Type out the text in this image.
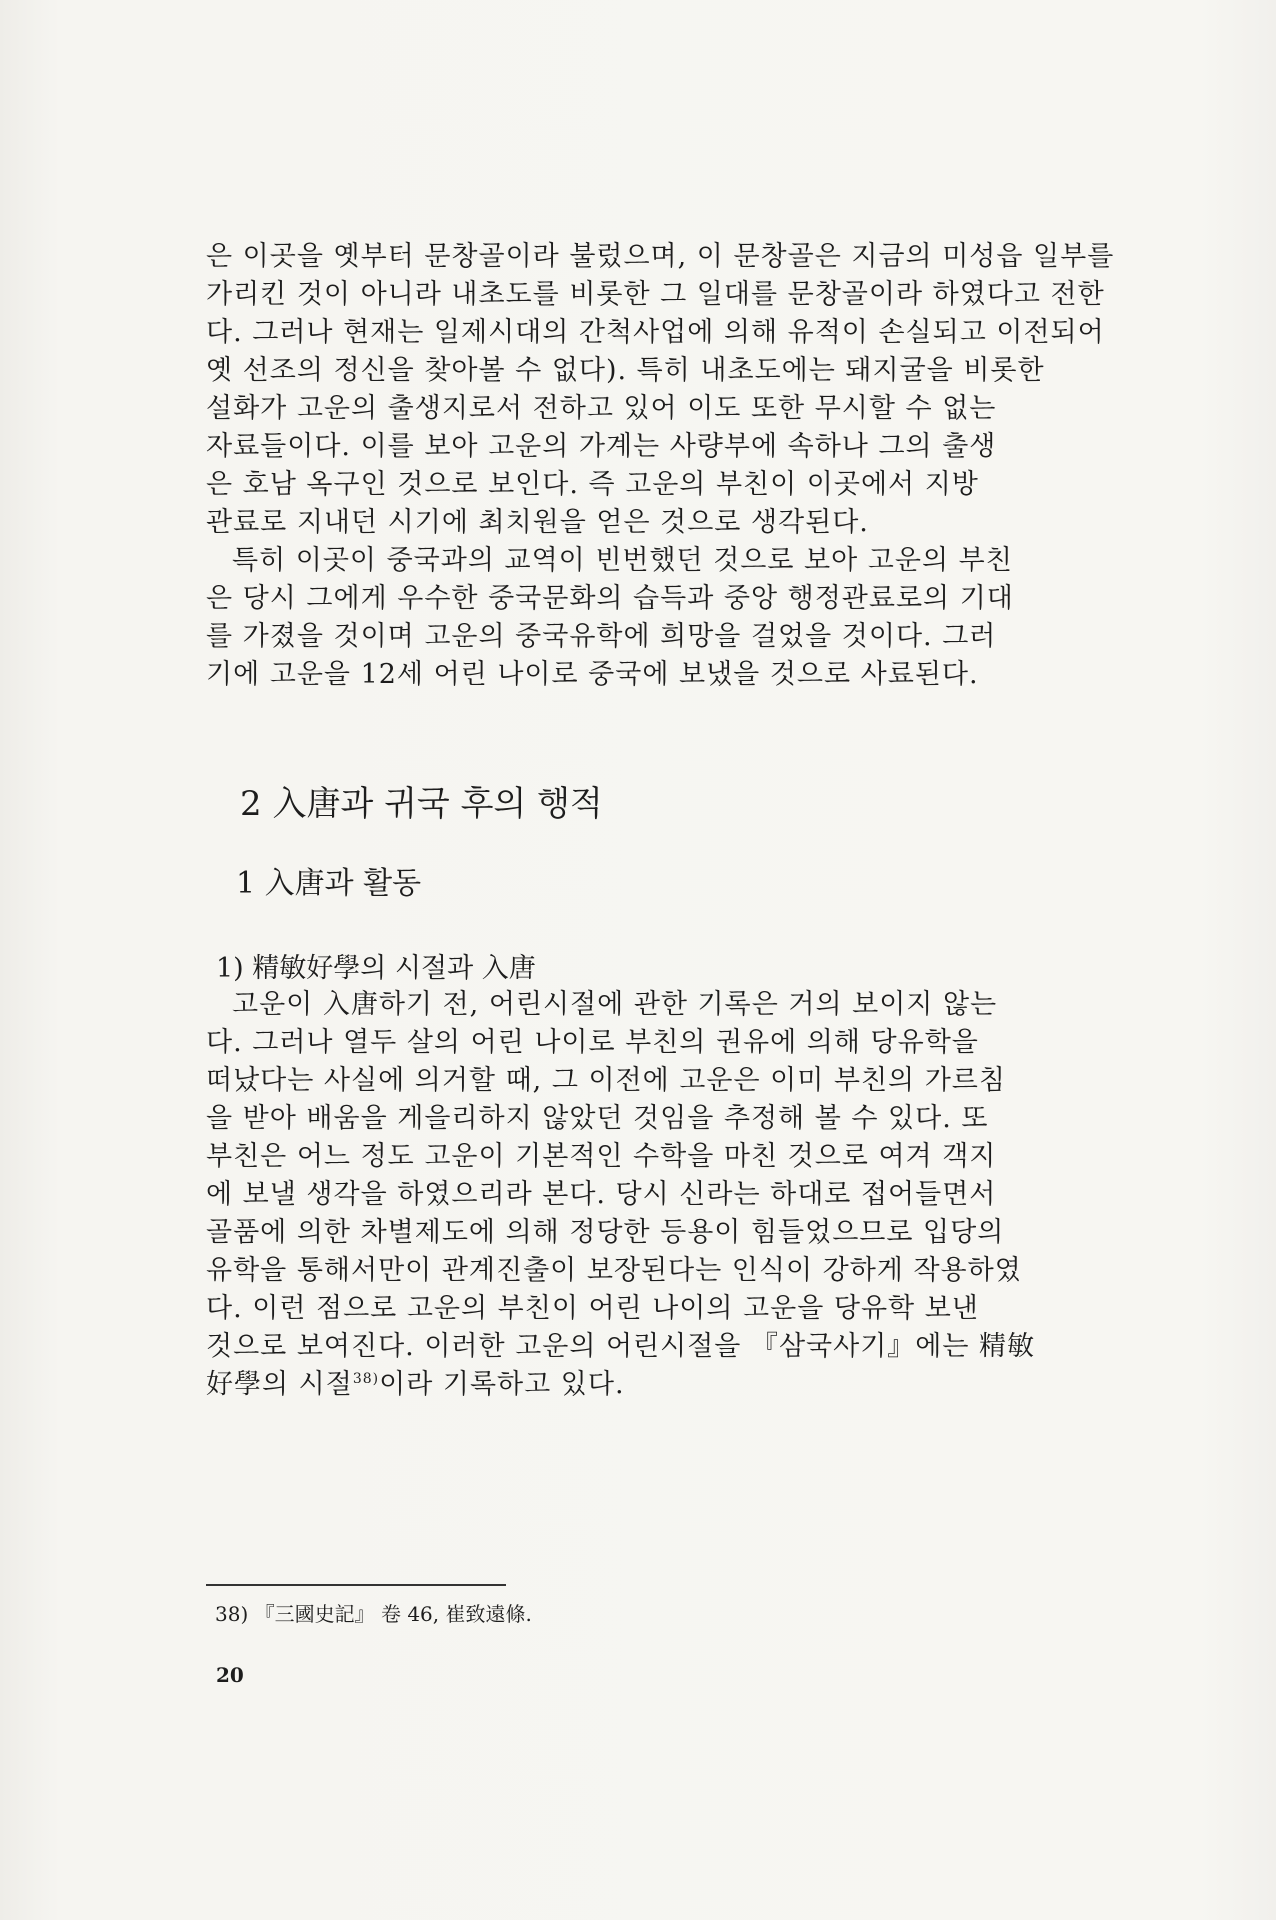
은 이곳을 옛부터 문창골이라 불렀으며, 이 문창골은 지금의 미성읍 일부를
가리킨 것이 아니라 내초도를 비롯한 그 일대를 문창골이라 하였다고 전한
다. 그러나 현재는 일제시대의 간척사업에 의해 유적이 손실되고 이전되어
옛 선조의 정신을 찾아볼 수 없다). 특히 내초도에는 돼지굴을 비롯한
설화가 고운의 출생지로서 전하고 있어 이도 또한 무시할 수 없는
자료들이다. 이를 보아 고운의 가계는 사량부에 속하나 그의 출생
은 호남 옥구인 것으로 보인다. 즉 고운의 부친이 이곳에서 지방
관료로 지내던 시기에 최치원을 얻은 것으로 생각된다.
특히 이곳이 중국과의 교역이 빈번했던 것으로 보아 고운의 부친
은 당시 그에게 우수한 중국문화의 습득과 중앙 행정관료로의 기대
를 가졌을 것이며 고운의 중국유학에 희망을 걸었을 것이다. 그러
기에 고운을 12세 어린 나이로 중국에 보냈을 것으로 사료된다.
2 入唐과 귀국 후의 행적
1 入唐과 활동
1) 精敏好學의 시절과 入唐
고운이 入唐하기 전, 어린시절에 관한 기록은 거의 보이지 않는
다. 그러나 열두 살의 어린 나이로 부친의 권유에 의해 당유학을
떠났다는 사실에 의거할 때, 그 이전에 고운은 이미 부친의 가르침
을 받아 배움을 게을리하지 않았던 것임을 추정해 볼 수 있다. 또
부친은 어느 정도 고운이 기본적인 수학을 마친 것으로 여겨 객지
에 보낼 생각을 하였으리라 본다. 당시 신라는 하대로 접어들면서
골품에 의한 차별제도에 의해 정당한 등용이 힘들었으므로 입당의
유학을 통해서만이 관계진출이 보장된다는 인식이 강하게 작용하였
다. 이런 점으로 고운의 부친이 어린 나이의 고운을 당유학 보낸
것으로 보여진다. 이러한 고운의 어린시절을 『삼국사기』에는 精敏
好學의 시절$^{38)}$이라 기록하고 있다.
38) 『三國史記』 卷 46, 崔致遠條.
20
